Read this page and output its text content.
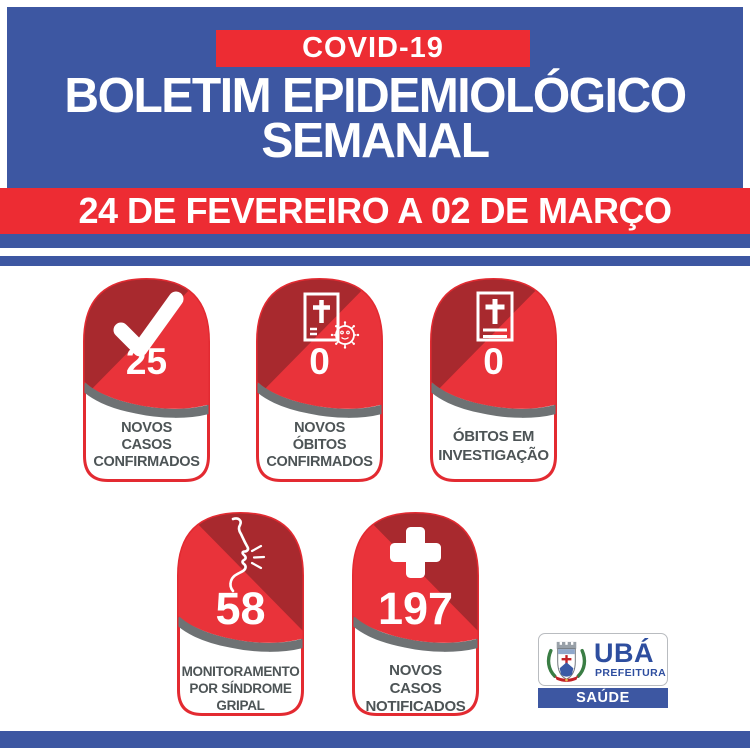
COVID-19
BOLETIM EPIDEMIOLÓGICO
SEMANAL
24 DE FEVEREIRO A 02 DE MARÇO
25
NOVOS
CASOS
CONFIRMADOS
0
NOVOS
ÓBITOS
CONFIRMADOS
0
ÓBITOS EM
INVESTIGAÇÃO
58
MONITORAMENTO
POR SÍNDROME
GRIPAL
197
NOVOS
CASOS
NOTIFICADOS
UBÁ
PREFEITURA
SAÚDE
